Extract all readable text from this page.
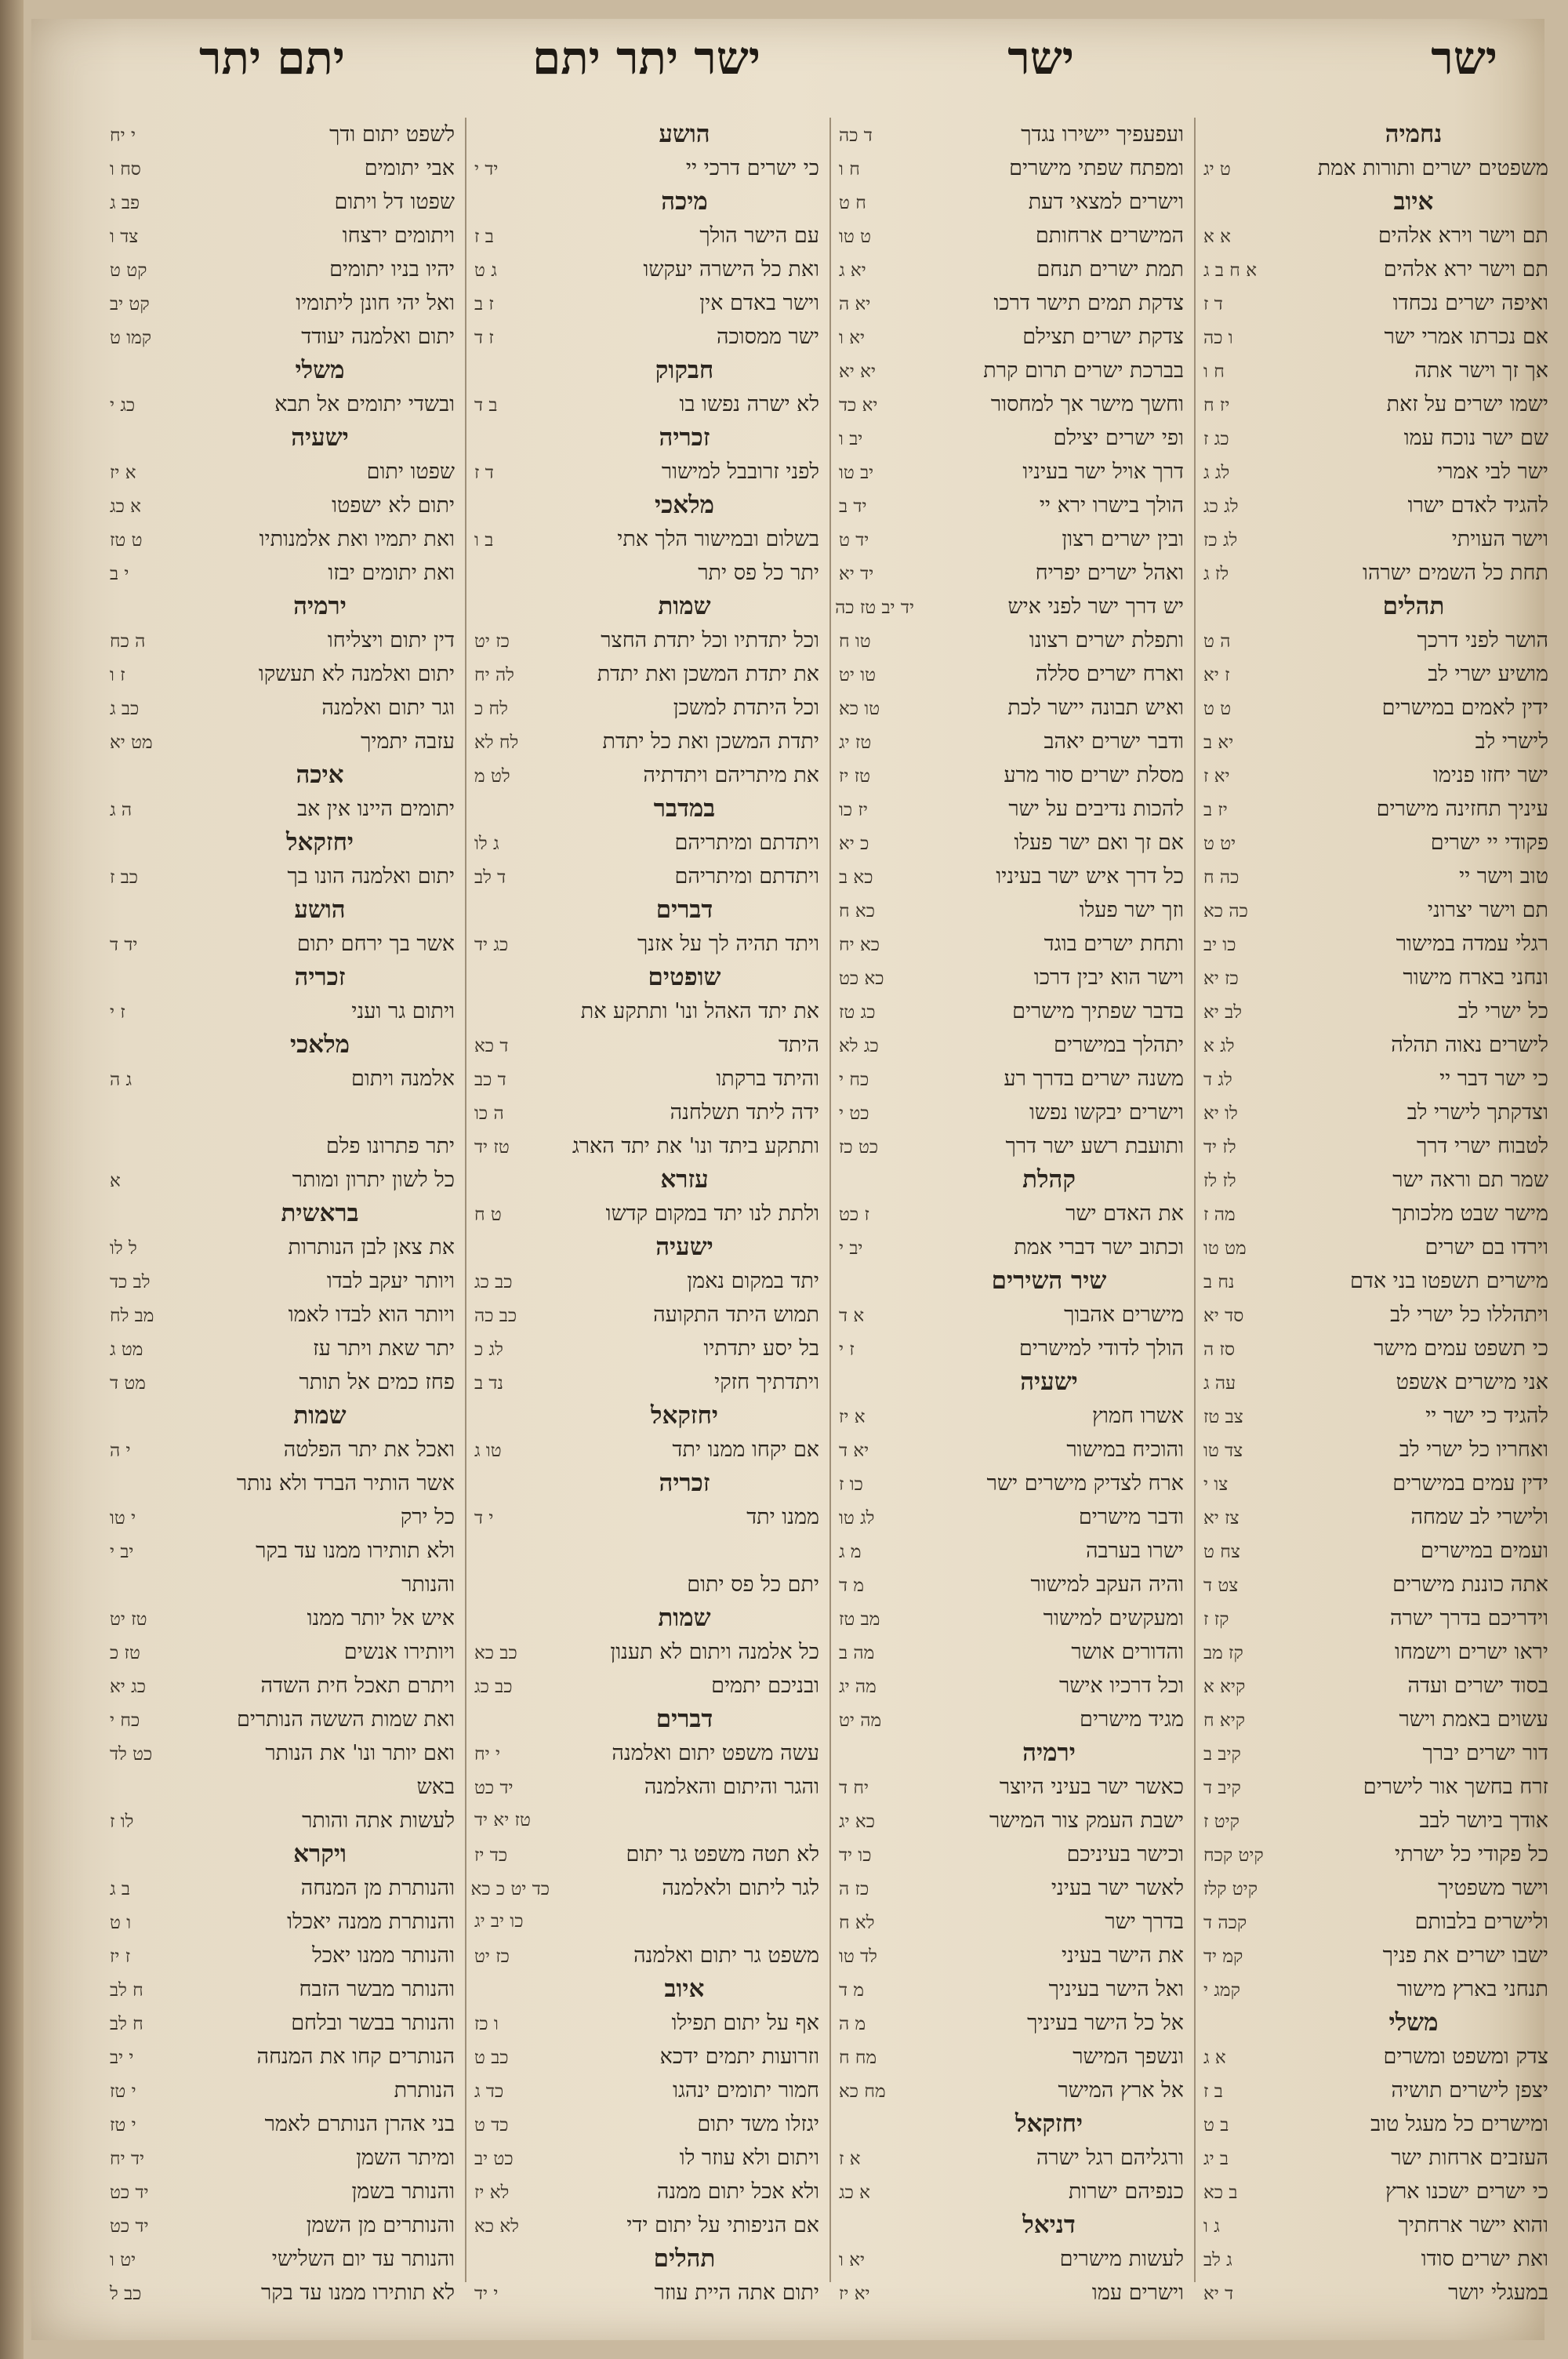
ישר
ישר
ישר יתר יתם
יתם יתר
נחמיה
משפטים ישרים ותורות אמת
ט יג
איוב
תם וישר וירא אלהים
א א
תם וישר ירא אלהים
א ח ב ג
ואיפה ישרים נכחדו
ד ז
אם נכרתו אמרי ישר
ו כה
אך זך וישר אתה
ח ו
ישמו ישרים על זאת
יז ח
שם ישר נוכח עמו
כג ז
ישר לבי אמרי
לג ג
להגיד לאדם ישרו
לג כג
וישר העויתי
לג כז
תחת כל השמים ישרהו
לז ג
תהלים
הושר לפני דרכך
ה ט
מושיע ישרי לב
ז יא
ידין לאמים במישרים
ט ט
לישרי לב
יא ב
ישר יחזו פנימו
יא ז
עיניך תחזינה מישרים
יז ב
פקודי יי ישרים
יט ט
טוב וישר יי
כה ח
תם וישר יצרוני
כה כא
רגלי עמדה במישור
כו יב
ונחני בארח מישור
כז יא
כל ישרי לב
לב יא
לישרים נאוה תהלה
לג א
כי ישר דבר יי
לג ד
וצדקתך לישרי לב
לו יא
לטבוח ישרי דרך
לז יד
שמר תם וראה ישר
לז לז
מישר שבט מלכותך
מה ז
וירדו בם ישרים
מט טו
מישרים תשפטו בני אדם
נח ב
ויתהללו כל ישרי לב
סד יא
כי תשפט עמים מישר
סז ה
אני מישרים אשפט
עה ג
להגיד כי ישר יי
צב טז
ואחריו כל ישרי לב
צד טו
ידין עמים במישרים
צו י
ולישרי לב שמחה
צז יא
ועמים במישרים
צח ט
אתה כוננת מישרים
צט ד
וידריכם בדרך ישרה
קז ז
יראו ישרים וישמחו
קז מב
בסוד ישרים ועדה
קיא א
עשוים באמת וישר
קיא ח
דור ישרים יברך
קיב ב
זרח בחשך אור לישרים
קיב ד
אודך ביושר לבב
קיט ז
כל פקודי כל ישרתי
קיט קכח
וישר משפטיך
קיט קלז
ולישרים בלבותם
קכה ד
ישבו ישרים את פניך
קמ יד
תנחני בארץ מישור
קמג י
משלי
צדק ומשפט ומשרים
א ג
יצפן לישרים תושיה
ב ז
ומישרים כל מעגל טוב
ב ט
העזבים ארחות ישר
ב יג
כי ישרים ישכנו ארץ
ב כא
והוא יישר ארחתיך
ג ו
ואת ישרים סודו
ג לב
במעגלי יושר
ד יא
ועפעפיך יישירו נגדך
ד כה
ומפתח שפתי מישרים
ח ו
וישרים למצאי דעת
ח ט
המישרים ארחותם
ט טו
תמת ישרים תנחם
יא ג
צדקת תמים תישר דרכו
יא ה
צדקת ישרים תצילם
יא ו
בברכת ישרים תרום קרת
יא יא
וחשך מישר אך למחסור
יא כד
ופי ישרים יצילם
יב ו
דרך אויל ישר בעיניו
יב טו
הולך בישרו ירא יי
יד ב
ובין ישרים רצון
יד ט
ואהל ישרים יפריח
יד יא
יש דרך ישר לפני איש
יד יב טז כה
ותפלת ישרים רצונו
טו ח
וארח ישרים סללה
טו יט
ואיש תבונה יישר לכת
טו כא
ודבר ישרים יאהב
טז יג
מסלת ישרים סור מרע
טז יז
להכות נדיבים על ישר
יז כו
אם זך ואם ישר פעלו
כ יא
כל דרך איש ישר בעיניו
כא ב
וזך ישר פעלו
כא ח
ותחת ישרים בוגד
כא יח
וישר הוא יבין דרכו
כא כט
בדבר שפתיך מישרים
כג טז
יתהלך במישרים
כג לא
משנה ישרים בדרך רע
כח י
וישרים יבקשו נפשו
כט י
ותועבת רשע ישר דרך
כט כז
קהלת
את האדם ישר
ז כט
וכתוב ישר דברי אמת
יב י
שיר השירים
מישרים אהבוך
א ד
הולך לדודי למישרים
ז י
ישעיה
אשרו חמוץ
א יז
והוכיח במישור
יא ד
ארח לצדיק מישרים ישר
כו ז
ודבר מישרים
לג טו
ישרו בערבה
מ ג
והיה העקב למישור
מ ד
ומעקשים למישור
מב טז
והדורים אושר
מה ב
וכל דרכיו אישר
מה יג
מגיד מישרים
מה יט
ירמיה
כאשר ישר בעיני היוצר
יח ד
ישבת העמק צור המישר
כא יג
וכישר בעיניכם
כו יד
לאשר ישר בעיני
כז ה
בדרך ישר
לא ח
את הישר בעיני
לד טו
ואל הישר בעיניך
מ ד
אל כל הישר בעיניך
מ ה
ונשפך המישר
מח ח
אל ארץ המישר
מח כא
יחזקאל
ורגליהם רגל ישרה
א ז
כנפיהם ישרות
א כג
דניאל
לעשות מישרים
יא ו
וישרים עמו
יא יז
הושע
כי ישרים דרכי יי
יד י
מיכה
עם הישר הולך
ב ז
ואת כל הישרה יעקשו
ג ט
וישר באדם אין
ז ב
ישר ממסוכה
ז ד
חבקוק
לא ישרה נפשו בו
ב ד
זכריה
לפני זרובבל למישור
ד ז
מלאכי
בשלום ובמישור הלך אתי
ב ו
יתר כל פס יתר
שמות
וכל יתדתיו וכל יתדת החצר
כז יט
את יתדת המשכן ואת יתדת
לה יח
וכל היתדת למשכן
לח כ
יתדת המשכן ואת כל יתדת
לח לא
את מיתריהם ויתדתיה
לט מ
במדבר
ויתדתם ומיתריהם
ג לו
ויתדתם ומיתריהם
ד לב
דברים
ויתד תהיה לך על אזנך
כג יד
שופטים
את יתד האהל ונו' ותתקע את
היתד
ד כא
והיתד ברקתו
ד כב
ידה ליתד תשלחנה
ה כו
ותתקע ביתד ונו' את יתד הארג
טז יד
עזרא
ולתת לנו יתד במקום קדשו
ט ח
ישעיה
יתד במקום נאמן
כב כג
תמוש היתד התקועה
כב כה
בל יסע יתדתיו
לג כ
ויתדתיך חזקי
נד ב
יחזקאל
אם יקחו ממנו יתד
טו ג
זכריה
ממנו יתד
י ד
יתם כל פס יתום
שמות
כל אלמנה ויתום לא תענון
כב כא
ובניכם יתמים
כב כג
דברים
עשה משפט יתום ואלמנה
י יח
והגר והיתום והאלמנה
יד כט
טז יא יד
לא תטה משפט גר יתום
כד יז
לגר ליתום ולאלמנה
כד יט כ כא
כו יב יג
משפט גר יתום ואלמנה
כז יט
איוב
אף על יתום תפילו
ו כז
וזרועות יתמים ידכא
כב ט
חמור יתומים ינהגו
כד ג
יגזלו משד יתום
כד ט
ויתום ולא עוזר לו
כט יב
ולא אכל יתום ממנה
לא יז
אם הניפותי על יתום ידי
לא כא
תהלים
יתום אתה היית עוזר
י יד
לשפט יתום ודך
י יח
אבי יתומים
סח ו
שפטו דל ויתום
פב ג
ויתומים ירצחו
צד ו
יהיו בניו יתומים
קט ט
ואל יהי חונן ליתומיו
קט יב
יתום ואלמנה יעודד
קמו ט
משלי
ובשדי יתומים אל תבא
כג י
ישעיה
שפטו יתום
א יז
יתום לא ישפטו
א כג
ואת יתמיו ואת אלמנותיו
ט טז
ואת יתומים יבזו
י ב
ירמיה
דין יתום ויצליחו
ה כח
יתום ואלמנה לא תעשקו
ז ו
וגר יתום ואלמנה
כב ג
עזבה יתמיך
מט יא
איכה
יתומים היינו אין אב
ה ג
יחזקאל
יתום ואלמנה הונו בך
כב ז
הושע
אשר בך ירחם יתום
יד ד
זכריה
ויתום גר ועני
ז י
מלאכי
אלמנה ויתום
ג ה
יתר פתרונו פלם
כל לשון יתרון ומותר
א
בראשית
את צאן לבן הנותרות
ל לו
ויותר יעקב לבדו
לב כד
ויותר הוא לבדו לאמו
מב לח
יתר שאת ויתר עז
מט ג
פחז כמים אל תותר
מט ד
שמות
ואכל את יתר הפלטה
י ה
אשר הותיר הברד ולא נותר
כל ירק
י טו
ולא תותירו ממנו עד בקר
יב י
והנותר
איש אל יותר ממנו
טז יט
ויותירו אנשים
טז כ
ויתרם תאכל חית השדה
כג יא
ואת שמות הששה הנותרים
כח י
ואם יותר ונו' את הנותר
כט לד
באש
לעשות אתה והותר
לו ז
ויקרא
והנותרת מן המנחה
ב ג
והנותרת ממנה יאכלו
ו ט
והנותר ממנו יאכל
ז יז
והנותר מבשר הזבח
ח לב
והנותר בבשר ובלחם
ח לב
הנותרים קחו את המנחה
י יב
הנותרת
י טז
בני אהרן הנותרם לאמר
י טז
ומיתר השמן
יד יח
והנותר בשמן
יד כט
והנותרים מן השמן
יד כט
והנותר עד יום השלישי
יט ו
לא תותירו ממנו עד בקר
כב ל
